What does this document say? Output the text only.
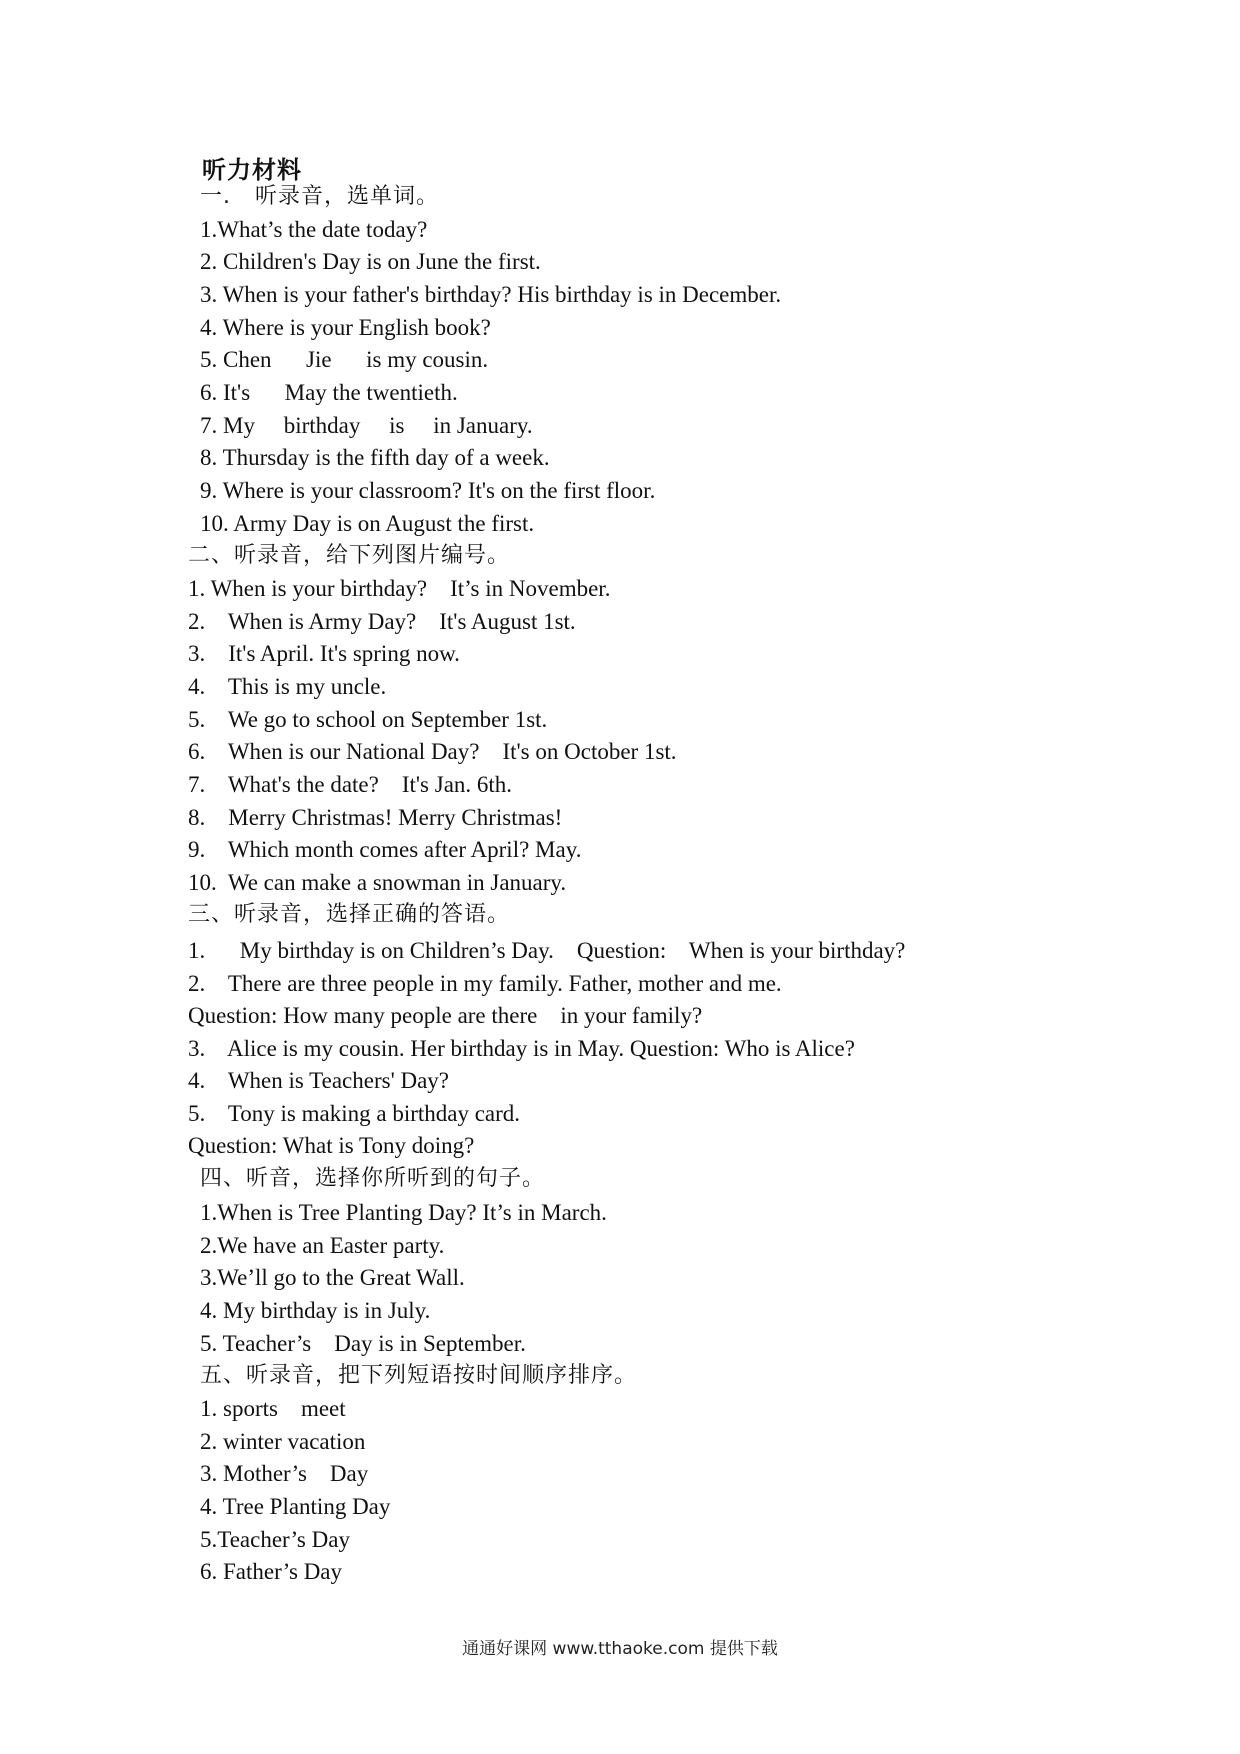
听力材料
一.   听录音，选单词。
1.What’s the date today?
2. Children's Day is on June the first.
3. When is your father's birthday? His birthday is in December.
4. Where is your English book?
5. Chen      Jie      is my cousin.
6. It's      May the twentieth.
7. My     birthday     is     in January.
8. Thursday is the fifth day of a week.
9. Where is your classroom? It's on the first floor.
10. Army Day is on August the first.
二、听录音，给下列图片编号。
1. When is your birthday?    It’s in November.
2.    When is Army Day?    It's August 1st.
3.    It's April. It's spring now.
4.    This is my uncle.
5.    We go to school on September 1st.
6.    When is our National Day?    It's on October 1st.
7.    What's the date?    It's Jan. 6th.
8.    Merry Christmas! Merry Christmas!
9.    Which month comes after April? May.
10.  We can make a snowman in January.
三、听录音，选择正确的答语。
1.      My birthday is on Children’s Day.    Question:    When is your birthday?
2.    There are three people in my family. Father, mother and me.
Question: How many people are there    in your family?
3.    Alice is my cousin. Her birthday is in May. Question: Who is Alice?
4.    When is Teachers' Day?
5.    Tony is making a birthday card.
Question: What is Tony doing?
四、听音，选择你所听到的句子。
1.When is Tree Planting Day? It’s in March.
2.We have an Easter party.
3.We’ll go to the Great Wall.
4. My birthday is in July.
5. Teacher’s    Day is in September.
五、听录音，把下列短语按时间顺序排序。
1. sports    meet
2. winter vacation
3. Mother’s    Day
4. Tree Planting Day
5.Teacher’s Day
6. Father’s Day
通通好课网 www.tthaoke.com 提供下载
